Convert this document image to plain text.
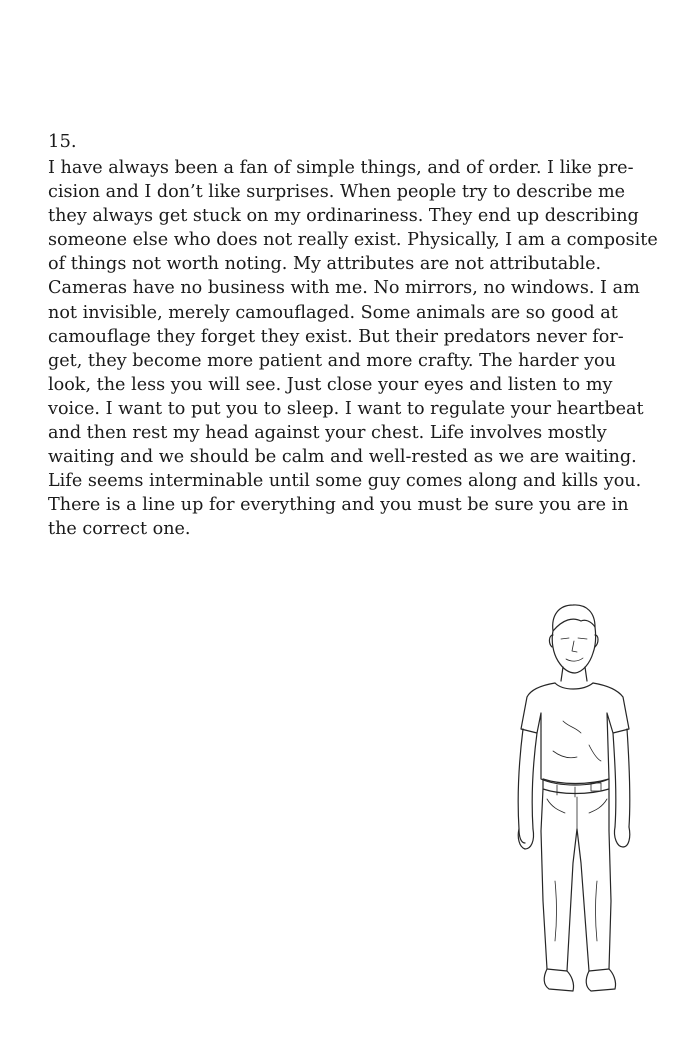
15.
I have always been a fan of simple things, and of order. I like pre-
cision and I don’t like surprises. When people try to describe me
they always get stuck on my ordinariness. They end up describing
someone else who does not really exist. Physically, I am a composite
of things not worth noting. My attributes are not attributable.
Cameras have no business with me. No mirrors, no windows. I am
not invisible, merely camouflaged. Some animals are so good at
camouflage they forget they exist. But their predators never for-
get, they become more patient and more crafty. The harder you
look, the less you will see. Just close your eyes and listen to my
voice. I want to put you to sleep. I want to regulate your heartbeat
and then rest my head against your chest. Life involves mostly
waiting and we should be calm and well-rested as we are waiting.
Life seems interminable until some guy comes along and kills you.
There is a line up for everything and you must be sure you are in
the correct one.
